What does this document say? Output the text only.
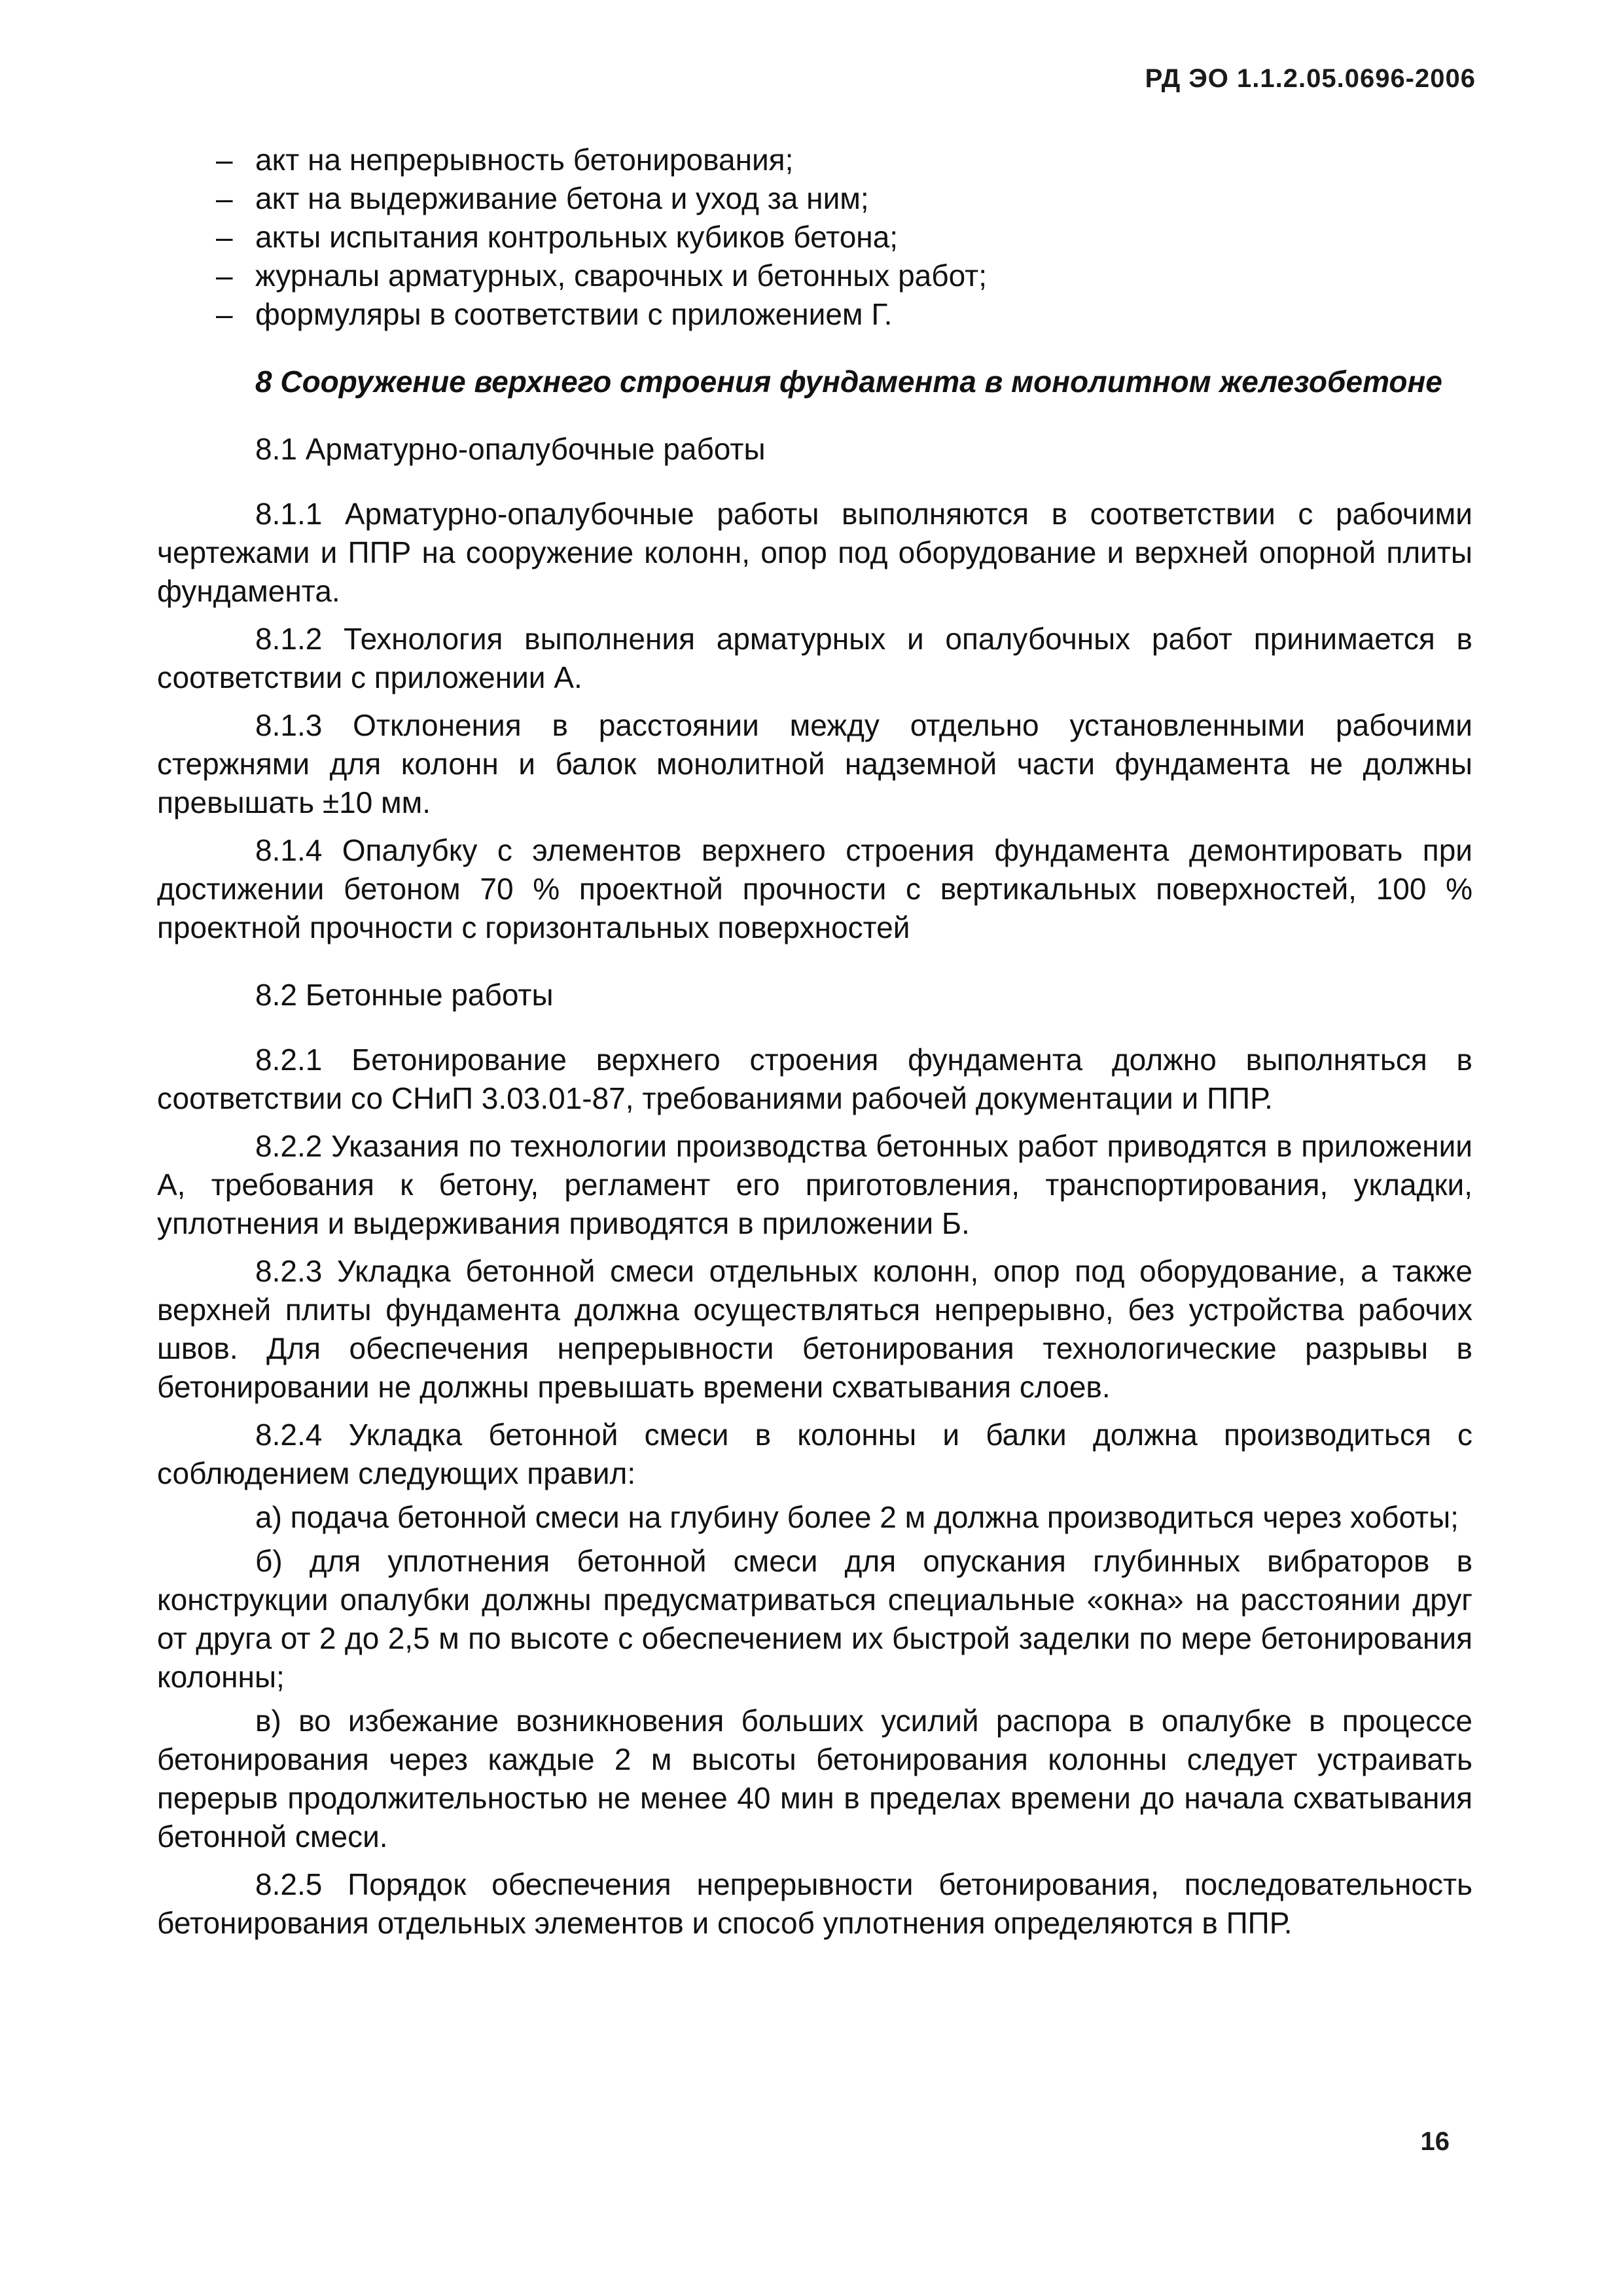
РД ЭО 1.1.2.05.0696-2006
– акт на непрерывность бетонирования;
– акт на выдерживание бетона и уход за ним;
– акты испытания контрольных кубиков бетона;
– журналы арматурных, сварочных и бетонных работ;
– формуляры в соответствии с приложением Г.

8 Сооружение верхнего строения фундамента в монолитном железобетоне

8.1 Арматурно-опалубочные работы

8.1.1 Арматурно-опалубочные работы выполняются в соответствии с рабочими чертежами и ППР на сооружение колонн, опор под оборудование и верхней опорной плиты фундамента.

8.1.2 Технология выполнения арматурных и опалубочных работ принимается в соответствии с приложении А.

8.1.3 Отклонения в расстоянии между отдельно установленными рабочими стержнями для колонн и балок монолитной надземной части фундамента не должны превышать ±10 мм.

8.1.4 Опалубку с элементов верхнего строения фундамента демонтировать при достижении бетоном 70 % проектной прочности с вертикальных поверхностей, 100 % проектной прочности с горизонтальных поверхностей

8.2 Бетонные работы

8.2.1 Бетонирование верхнего строения фундамента должно выполняться в соответствии со СНиП 3.03.01-87, требованиями рабочей документации и ППР.

8.2.2 Указания по технологии производства бетонных работ приводятся в приложении А, требования к бетону, регламент его приготовления, транспортирования, укладки, уплотнения и выдерживания приводятся в приложении Б.

8.2.3 Укладка бетонной смеси отдельных колонн, опор под оборудование, а также верхней плиты фундамента должна осуществляться непрерывно, без устройства рабочих швов. Для обеспечения непрерывности бетонирования технологические разрывы в бетонировании не должны превышать времени схватывания слоев.

8.2.4 Укладка бетонной смеси в колонны и балки должна производиться с соблюдением следующих правил:

а) подача бетонной смеси на глубину более 2 м должна производиться через хоботы;

б) для уплотнения бетонной смеси для опускания глубинных вибраторов в конструкции опалубки должны предусматриваться специальные «окна» на расстоянии друг от друга от 2 до 2,5 м по высоте с обеспечением их быстрой заделки по мере бетонирования колонны;

в) во избежание возникновения больших усилий распора в опалубке в процессе бетонирования через каждые 2 м высоты бетонирования колонны следует устраивать перерыв продолжительностью не менее 40 мин в пределах времени до начала схватывания бетонной смеси.

8.2.5 Порядок обеспечения непрерывности бетонирования, последовательность бетонирования отдельных элементов и способ уплотнения определяются в ППР.

16
